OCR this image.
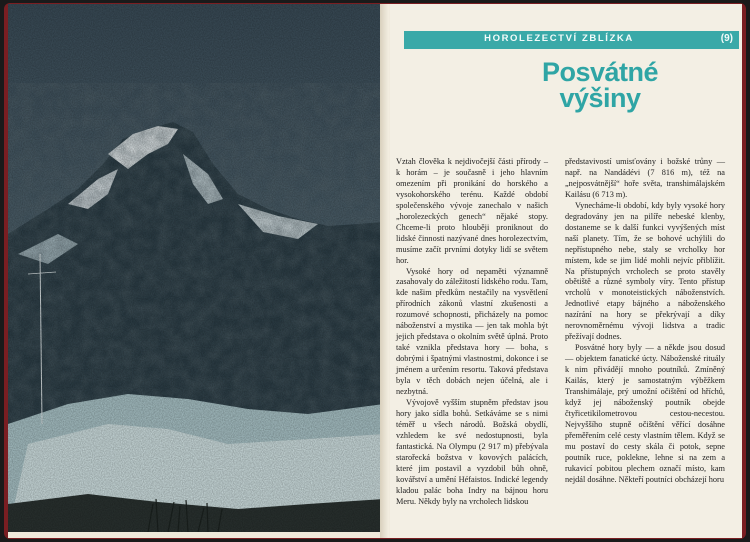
HOROLEZECTVÍ ZBLÍZKA	(9)
Posvátné
výšiny

Vztah člověka k nejdivočejší části přírody – k horám – je současně i jeho hlavním omezením při pronikání do horského a vysokohorského terénu. Každé období společenského vývoje zanechalo v našich „horolezeckých genech“ nějaké stopy. Chceme-li proto hlouběji proniknout do lidské činnosti nazývané dnes horolezectvím, musíme začít prvními dotyky lidí se světem hor.

Vysoké hory od nepaměti významně zasahovaly do záležitostí lidského rodu. Tam, kde našim předkům nestačily na vysvětlení přírodních zákonů vlastní zkušenosti a rozumové schopnosti, přicházely na pomoc náboženství a mystika — jen tak mohla být jejich představa o okolním světě úplná. Proto také vznikla představa hory — boha, s dobrými i špatnými vlastnostmi, dokonce i se jménem a určením resortu. Taková představa byla v těch dobách nejen účelná, ale i nezbytná.

Vývojově vyšším stupněm představ jsou hory jako sídla bohů. Setkáváme se s nimi téměř u všech národů. Božská obydlí, vzhledem ke své nedostupnosti, byla fantastická. Na Olympu (2 917 m) přebývala starořecká božstva v kovových palácích, které jim postavil a vyzdobil bůh ohně, kovářství a umění Héfaistos. Indické legendy kladou palác boha Indry na bájnou horu Meru. Někdy byly na vrcholech lidskou

představivostí umisťovány i božské trůny — např. na Nandádévi (7 816 m), též na „nejposvátnější“ hoře světa, transhimálajském Kailásu (6 713 m).

Vynecháme-li období, kdy byly vysoké hory degradovány jen na pilíře nebeské klenby, dostaneme se k další funkci vyvýšených míst naší planety. Tím, že se bohové uchýlili do nepřístupného nebe, staly se vrcholky hor místem, kde se jim lidé mohli nejvíc přiblížit. Na přístupných vrcholech se proto stavěly obětiště a různé symboly víry. Tento přístup vrcholů v monoteistických náboženstvích. Jednotlivé etapy bájného a náboženského nazírání na hory se překrývají a díky nerovnoměrnému vývoji lidstva a tradic přežívají dodnes.

Posvátné hory byly — a někde jsou dosud — objektem fanatické úcty. Náboženské rituály k nim přivádějí mnoho poutníků. Zmíněný Kailás, který je samostatným výběžkem Transhimálaje, prý umožní očištění od hříchů, když jej náboženský poutník obejde čtyřicetikilometrovou cestou-necestou. Nejvyššího stupně očištění věřící dosáhne přeměřením celé cesty vlastním tělem. Když se mu postaví do cesty skála či potok, sepne poutník ruce, poklekne, lehne si na zem a rukavicí pobitou plechem označí místo, kam nejdál dosáhne. Někteří poutníci obcházejí horu
